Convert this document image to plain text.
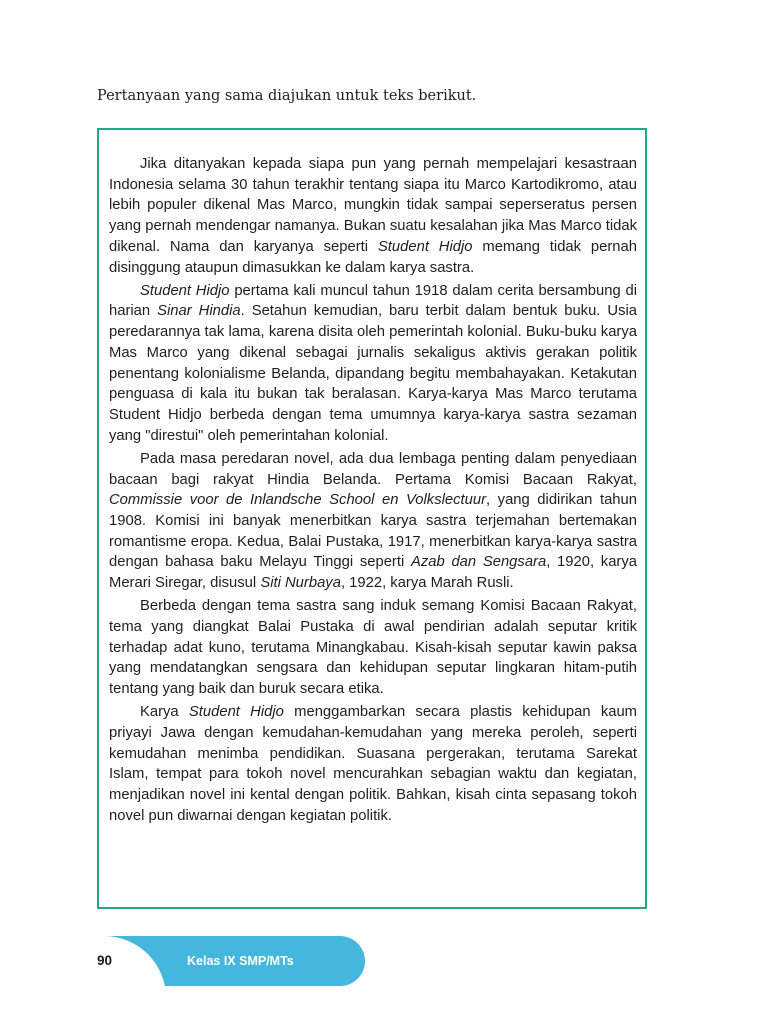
Pertanyaan yang sama diajukan untuk teks berikut.

Jika ditanyakan kepada siapa pun yang pernah mempelajari kesastraan Indonesia selama 30 tahun terakhir tentang siapa itu Marco Kartodikromo, atau lebih populer dikenal Mas Marco, mungkin tidak sampai seperseratus persen yang pernah mendengar namanya. Bukan suatu kesalahan jika Mas Marco tidak dikenal. Nama dan karyanya seperti Student Hidjo memang tidak pernah disinggung ataupun dimasukkan ke dalam karya sastra.

Student Hidjo pertama kali muncul tahun 1918 dalam cerita bersambung di harian Sinar Hindia. Setahun kemudian, baru terbit dalam bentuk buku. Usia peredarannya tak lama, karena disita oleh pemerintah kolonial. Buku-buku karya Mas Marco yang dikenal sebagai jurnalis sekaligus aktivis gerakan politik penentang kolonialisme Belanda, dipandang begitu membahayakan. Ketakutan penguasa di kala itu bukan tak beralasan. Karya-karya Mas Marco terutama Student Hidjo berbeda dengan tema umumnya karya-karya sastra sezaman yang "direstui" oleh pemerintahan kolonial.

Pada masa peredaran novel, ada dua lembaga penting dalam penyediaan bacaan bagi rakyat Hindia Belanda. Pertama Komisi Bacaan Rakyat, Commissie voor de Inlandsche School en Volkslectuur, yang didirikan tahun 1908. Komisi ini banyak menerbitkan karya sastra terjemahan bertemakan romantisme eropa. Kedua, Balai Pustaka, 1917, menerbitkan karya-karya sastra dengan bahasa baku Melayu Tinggi seperti Azab dan Sengsara, 1920, karya Merari Siregar, disusul Siti Nurbaya, 1922, karya Marah Rusli.

Berbeda dengan tema sastra sang induk semang Komisi Bacaan Rakyat, tema yang diangkat Balai Pustaka di awal pendirian adalah seputar kritik terhadap adat kuno, terutama Minangkabau. Kisah-kisah seputar kawin paksa yang mendatangkan sengsara dan kehidupan seputar lingkaran hitam-putih tentang yang baik dan buruk secara etika.

Karya Student Hidjo menggambarkan secara plastis kehidupan kaum priyayi Jawa dengan kemudahan-kemudahan yang mereka peroleh, seperti kemudahan menimba pendidikan. Suasana pergerakan, terutama Sarekat Islam, tempat para tokoh novel mencurahkan sebagian waktu dan kegiatan, menjadikan novel ini kental dengan politik. Bahkan, kisah cinta sepasang tokoh novel pun diwarnai dengan kegiatan politik.

90	Kelas IX SMP/MTs
